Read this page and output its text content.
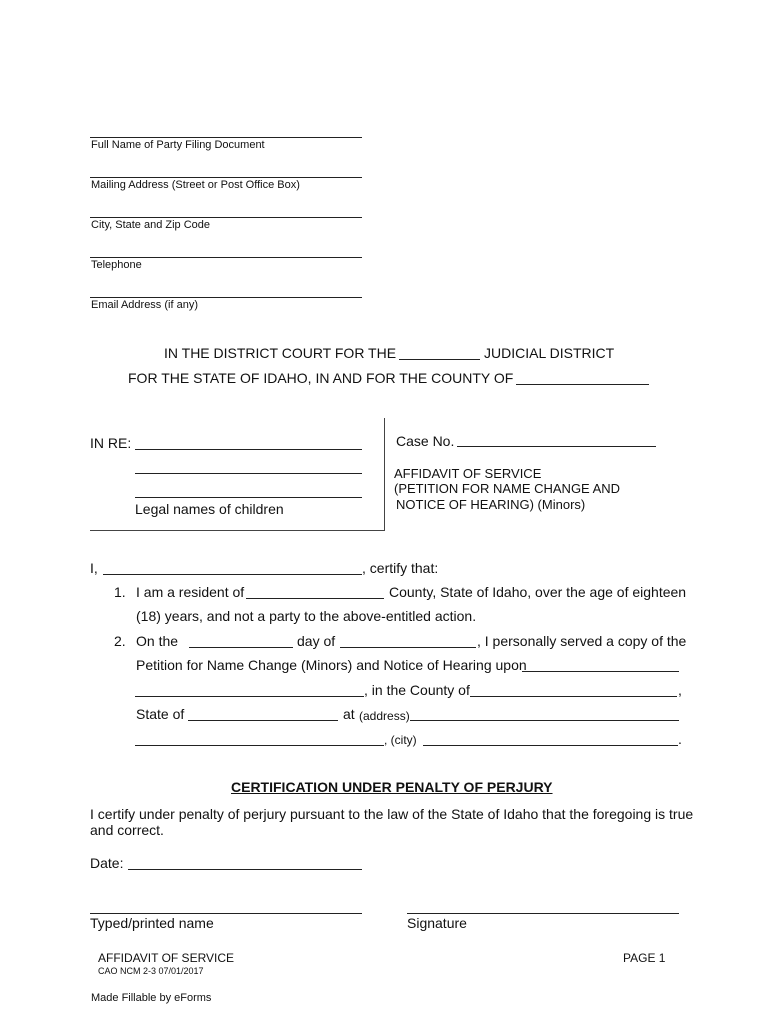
Full Name of Party Filing Document
Mailing Address (Street or Post Office Box)
City, State and Zip Code
Telephone
Email Address (if any)
IN THE DISTRICT COURT FOR THE	JUDICIAL DISTRICT
FOR THE STATE OF IDAHO, IN AND FOR THE COUNTY OF
IN RE:
Legal names of children
Case No.
AFFIDAVIT OF SERVICE
(PETITION FOR NAME CHANGE AND
NOTICE OF HEARING) (Minors)
I,	, certify that:
1. I am a resident of	County, State of Idaho, over the age of eighteen
(18) years, and not a party to the above-entitled action.
2. On the	day of	, I personally served a copy of the
Petition for Name Change (Minors) and Notice of Hearing upon
, in the County of	,
State of	at (address)
, (city)	.
CERTIFICATION UNDER PENALTY OF PERJURY
I certify under penalty of perjury pursuant to the law of the State of Idaho that the foregoing is true
and correct.
Date:
Typed/printed name	Signature
AFFIDAVIT OF SERVICE
CAO NCM 2-3 07/01/2017
PAGE 1
Made Fillable by eForms
